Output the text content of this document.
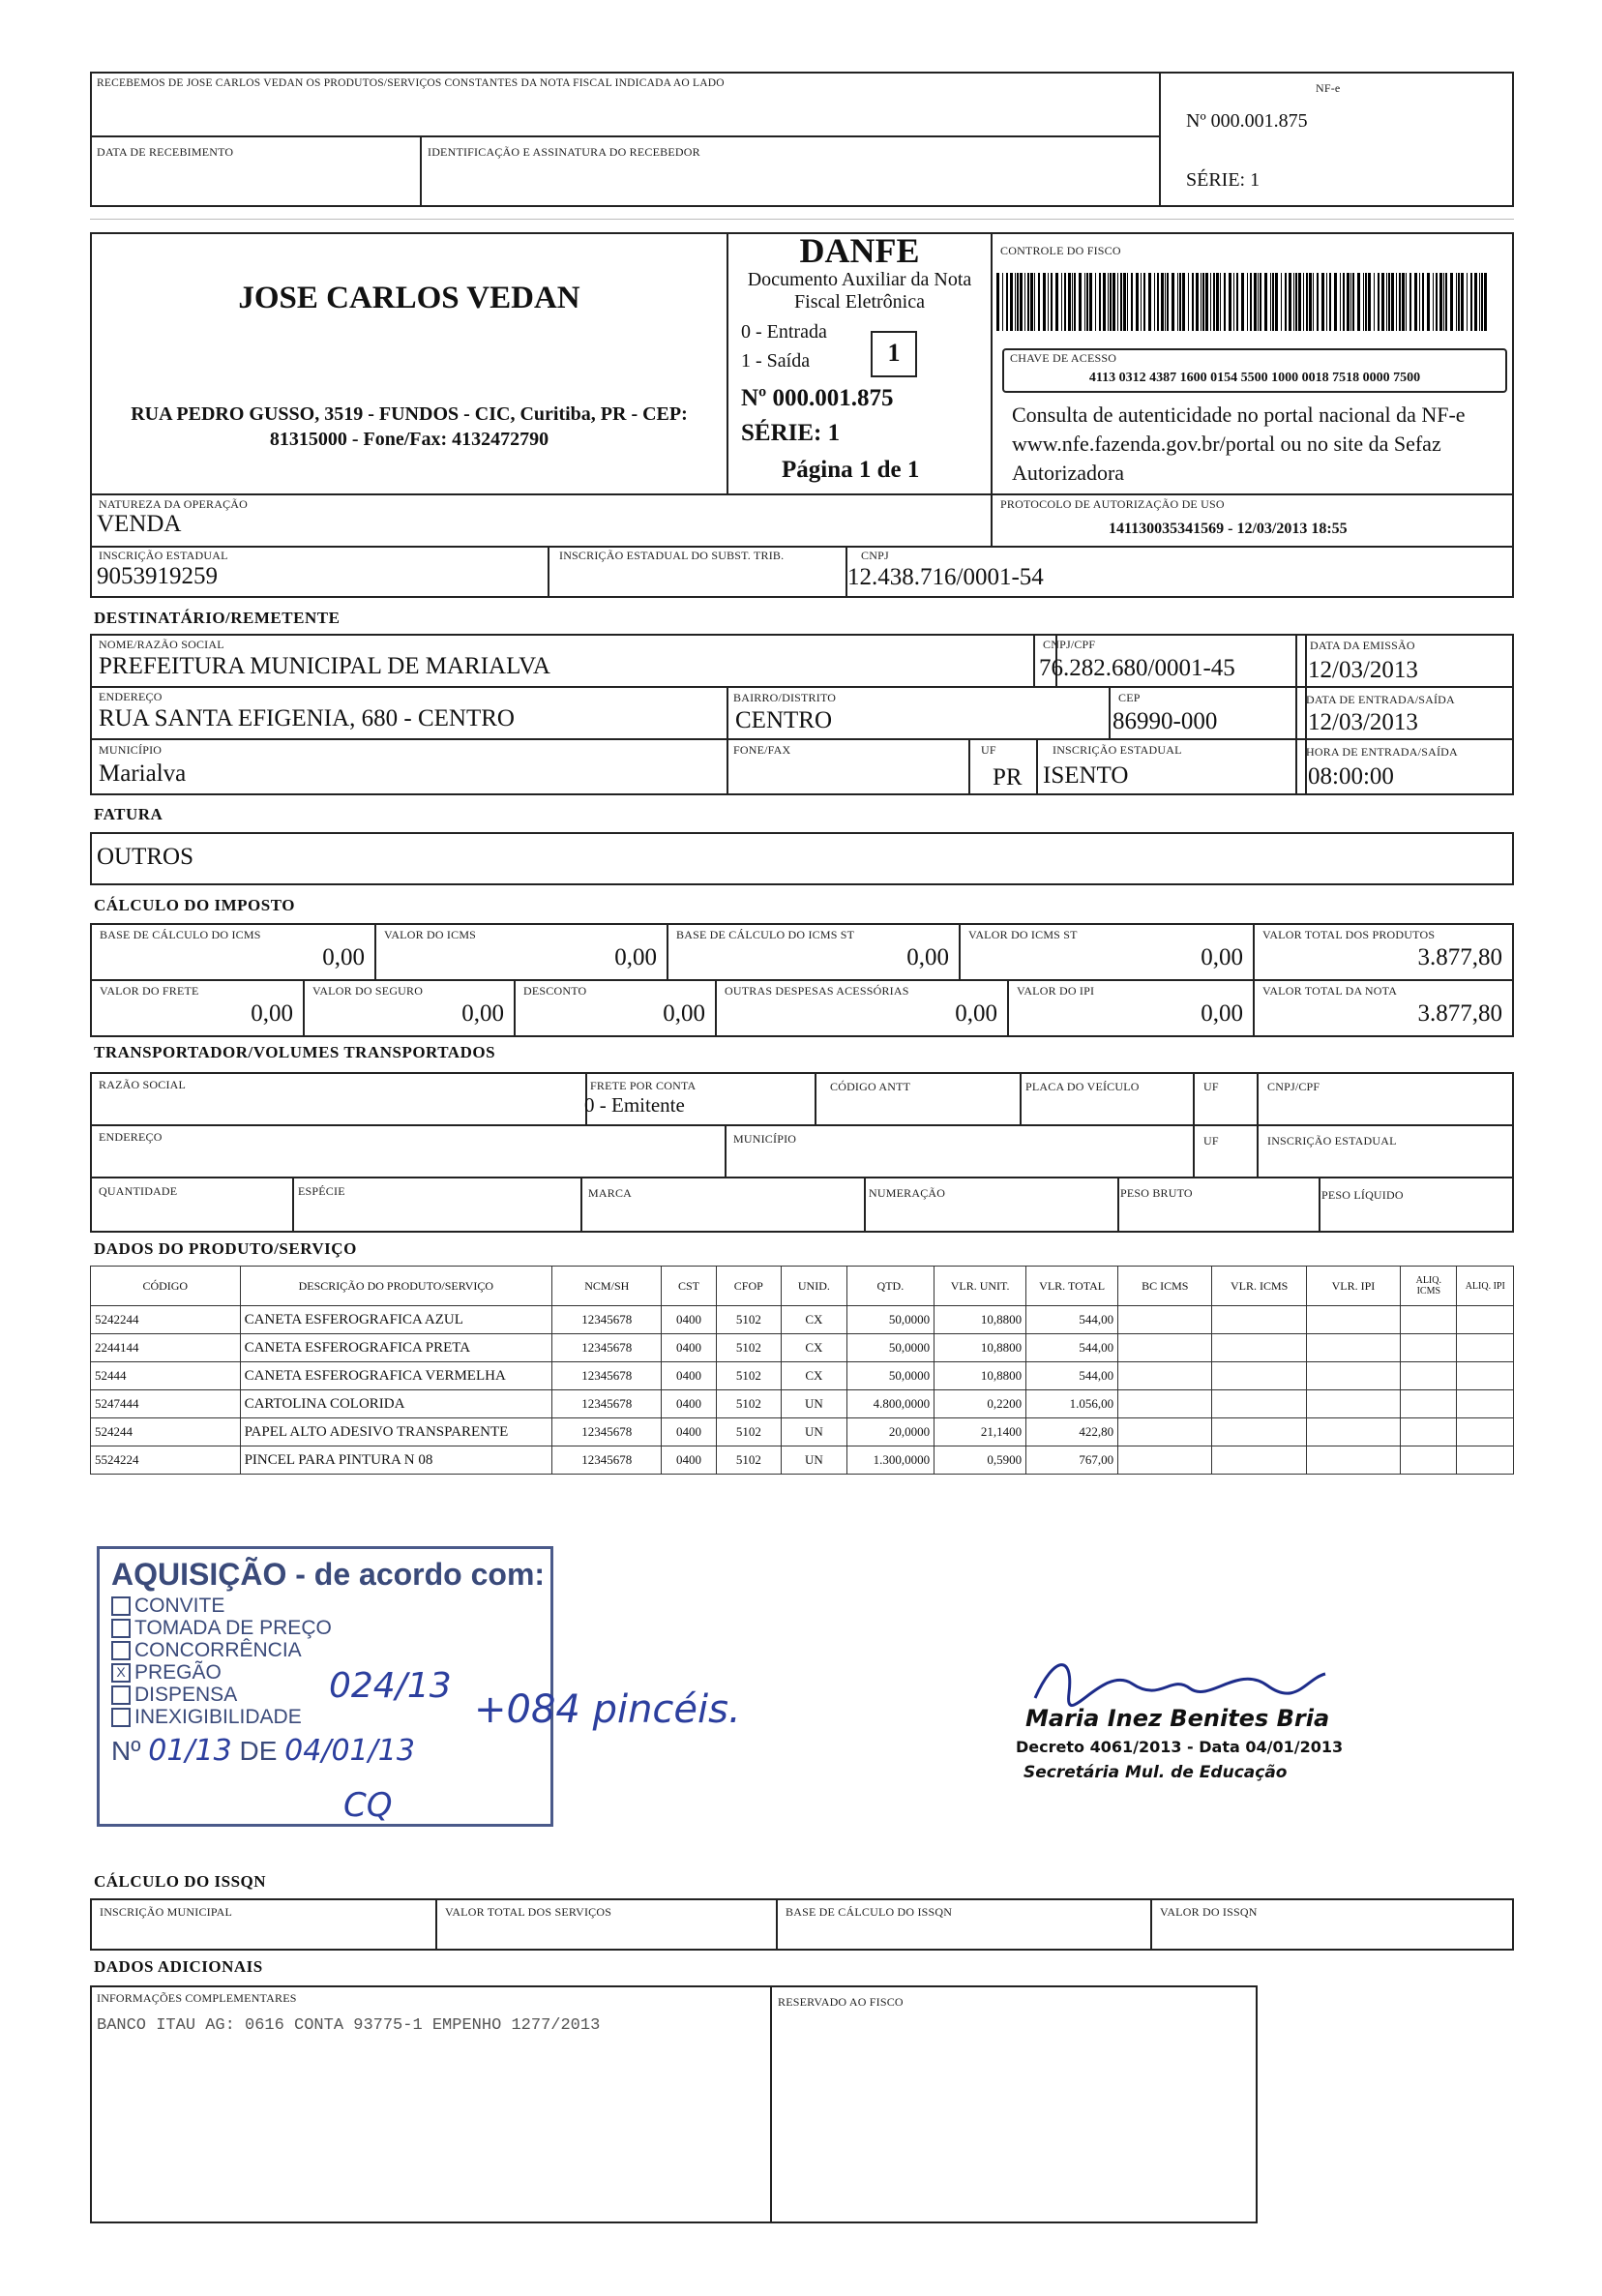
RECEBEMOS DE JOSE CARLOS VEDAN OS PRODUTOS/SERVIÇOS CONSTANTES DA NOTA FISCAL INDICADA AO LADO
DATA DE RECEBIMENTO	IDENTIFICAÇÃO E ASSINATURA DO RECEBEDOR
NF-e
Nº 000.001.875
SÉRIE: 1
JOSE CARLOS VEDAN
RUA PEDRO GUSSO, 3519 - FUNDOS - CIC, Curitiba, PR - CEP: 81315000 - Fone/Fax: 4132472790
DANFE
Documento Auxiliar da Nota Fiscal Eletrônica
0 - Entrada
1 - Saída	1
Nº 000.001.875
SÉRIE: 1
Página 1 de 1
CONTROLE DO FISCO
CHAVE DE ACESSO
4113 0312 4387 1600 0154 5500 1000 0018 7518 0000 7500
Consulta de autenticidade no portal nacional da NF-e www.nfe.fazenda.gov.br/portal ou no site da Sefaz Autorizadora
NATUREZA DA OPERAÇÃO
VENDA
PROTOCOLO DE AUTORIZAÇÃO DE USO
141130035341569 - 12/03/2013 18:55
INSCRIÇÃO ESTADUAL
9053919259
INSCRIÇÃO ESTADUAL DO SUBST. TRIB.	CNPJ
12.438.716/0001-54
DESTINATÁRIO/REMETENTE
NOME/RAZÃO SOCIAL
PREFEITURA MUNICIPAL DE MARIALVA
CNPJ/CPF
76.282.680/0001-45
DATA DA EMISSÃO
12/03/2013
ENDEREÇO
RUA SANTA EFIGENIA, 680 - CENTRO
BAIRRO/DISTRITO
CENTRO
CEP
86990-000
DATA DE ENTRADA/SAÍDA
12/03/2013
MUNICÍPIO
Marialva
FONE/FAX	UF
PR
INSCRIÇÃO ESTADUAL
ISENTO
HORA DE ENTRADA/SAÍDA
08:00:00
FATURA
OUTROS
CÁLCULO DO IMPOSTO
BASE DE CÁLCULO DO ICMS
0,00
VALOR DO ICMS
0,00
BASE DE CÁLCULO DO ICMS ST
0,00
VALOR DO ICMS ST
0,00
VALOR TOTAL DOS PRODUTOS
3.877,80
VALOR DO FRETE
0,00
VALOR DO SEGURO
0,00
DESCONTO
0,00
OUTRAS DESPESAS ACESSÓRIAS
0,00
VALOR DO IPI
0,00
VALOR TOTAL DA NOTA
3.877,80
TRANSPORTADOR/VOLUMES TRANSPORTADOS
RAZÃO SOCIAL	FRETE POR CONTA
0 - Emitente
CÓDIGO ANTT	PLACA DO VEÍCULO	UF	CNPJ/CPF
ENDEREÇO	MUNICÍPIO	UF	INSCRIÇÃO ESTADUAL
QUANTIDADE	ESPÉCIE	MARCA	NUMERAÇÃO	PESO BRUTO	PESO LÍQUIDO
DADOS DO PRODUTO/SERVIÇO
CÓDIGO	DESCRIÇÃO DO PRODUTO/SERVIÇO	NCM/SH	CST	CFOP	UNID.	QTD.	VLR. UNIT.	VLR. TOTAL	BC ICMS	VLR. ICMS	VLR. IPI	ALIQ. ICMS	ALIQ. IPI
5242244	CANETA ESFEROGRAFICA AZUL	12345678	0400	5102	CX	50,0000	10,8800	544,00					
2244144	CANETA ESFEROGRAFICA PRETA	12345678	0400	5102	CX	50,0000	10,8800	544,00					
52444	CANETA ESFEROGRAFICA VERMELHA	12345678	0400	5102	CX	50,0000	10,8800	544,00					
5247444	CARTOLINA COLORIDA	12345678	0400	5102	UN	4.800,0000	0,2200	1.056,00					
524244	PAPEL ALTO ADESIVO TRANSPARENTE	12345678	0400	5102	UN	20,0000	21,1400	422,80					
5524224	PINCEL PARA PINTURA N 08	12345678	0400	5102	UN	1.300,0000	0,5900	767,00					
AQUISIÇÃO - de acordo com:
CONVITE
TOMADA DE PREÇO
CONCORRÊNCIA
X PREGÃO
DISPENSA
INEXIGIBILIDADE
Nº 01/13 DE 04/01/13
024/13
+084 pincéis.
CQ
Maria Inez Benites Bria
Decreto 4061/2013 - Data 04/01/2013
Secretária Mul. de Educação
CÁLCULO DO ISSQN
INSCRIÇÃO MUNICIPAL	VALOR TOTAL DOS SERVIÇOS	BASE DE CÁLCULO DO ISSQN	VALOR DO ISSQN
DADOS ADICIONAIS
INFORMAÇÕES COMPLEMENTARES
BANCO ITAU AG: 0616 CONTA 93775-1 EMPENHO 1277/2013
RESERVADO AO FISCO
